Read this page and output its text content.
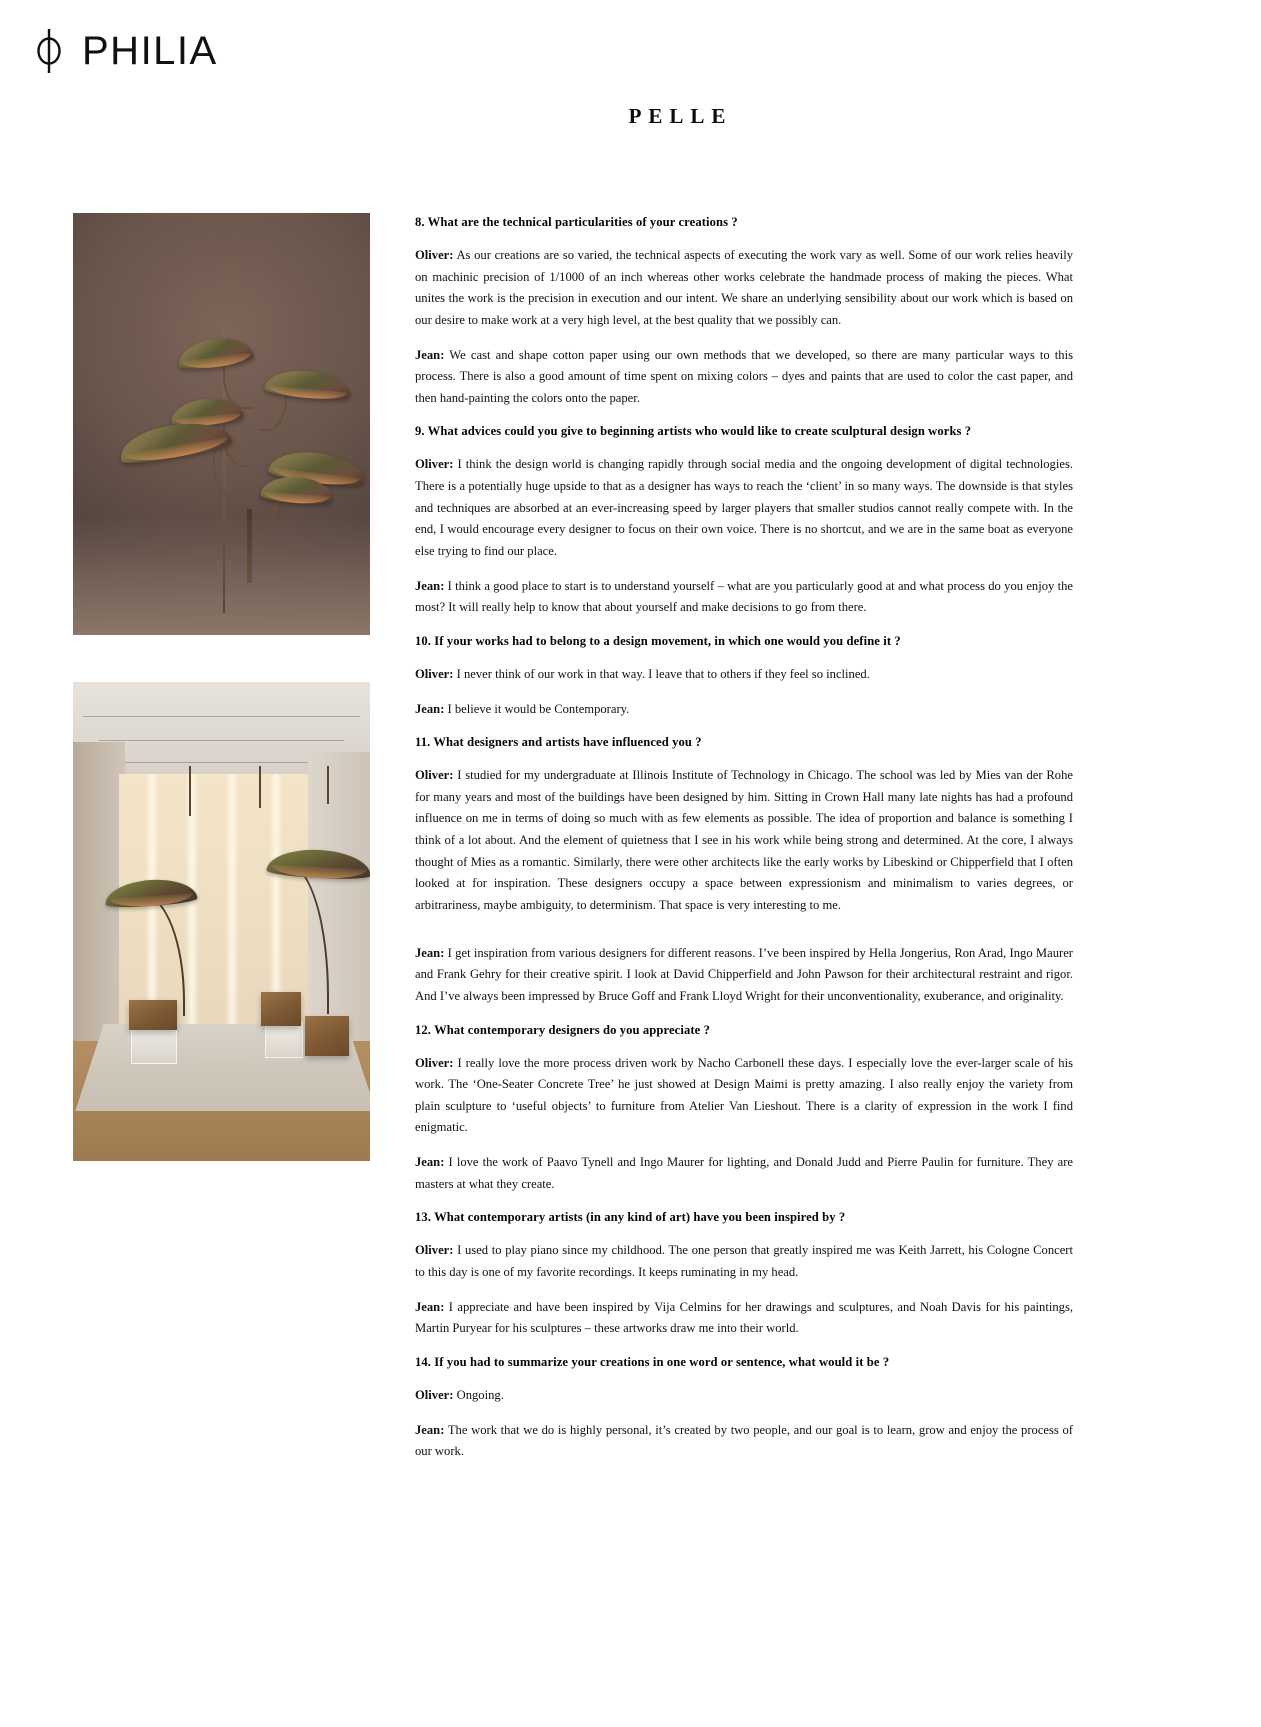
PHILIA
PELLE

8. What are the technical particularities of your creations ?

Oliver: As our creations are so varied, the technical aspects of executing the work vary as well. Some of our work relies heavily on machinic precision of 1/1000 of an inch whereas other works celebrate the handmade process of making the pieces. What unites the work is the precision in execution and our intent. We share an underlying sensibility about our work which is based on our desire to make work at a very high level, at the best quality that we possibly can.

Jean: We cast and shape cotton paper using our own methods that we developed, so there are many particular ways to this process. There is also a good amount of time spent on mixing colors – dyes and paints that are used to color the cast paper, and then hand-painting the colors onto the paper.

9. What advices could you give to beginning artists who would like to create sculptural design works ?

Oliver: I think the design world is changing rapidly through social media and the ongoing development of digital technologies. There is a potentially huge upside to that as a designer has ways to reach the ‘client’ in so many ways. The downside is that styles and techniques are absorbed at an ever-increasing speed by larger players that smaller studios cannot really compete with. In the end, I would encourage every designer to focus on their own voice. There is no shortcut, and we are in the same boat as everyone else trying to find our place.

Jean: I think a good place to start is to understand yourself – what are you particularly good at and what process do you enjoy the most? It will really help to know that about yourself and make decisions to go from there.

10. If your works had to belong to a design movement, in which one would you define it ?

Oliver: I never think of our work in that way. I leave that to others if they feel so inclined.

Jean: I believe it would be Contemporary.

11. What designers and artists have influenced you ?

Oliver: I studied for my undergraduate at Illinois Institute of Technology in Chicago. The school was led by Mies van der Rohe for many years and most of the buildings have been designed by him. Sitting in Crown Hall many late nights has had a profound influence on me in terms of doing so much with as few elements as possible. The idea of proportion and balance is something I think of a lot about. And the element of quietness that I see in his work while being strong and determined. At the core, I always thought of Mies as a romantic. Similarly, there were other architects like the early works by Libeskind or Chipperfield that I often looked at for inspiration. These designers occupy a space between expressionism and minimalism to varies degrees, or arbitrariness, maybe ambiguity, to determinism. That space is very interesting to me.

Jean: I get inspiration from various designers for different reasons. I’ve been inspired by Hella Jongerius, Ron Arad, Ingo Maurer and Frank Gehry for their creative spirit. I look at David Chipperfield and John Pawson for their architectural restraint and rigor. And I’ve always been impressed by Bruce Goff and Frank Lloyd Wright for their unconventionality, exuberance, and originality.

12. What contemporary designers do you appreciate ?

Oliver: I really love the more process driven work by Nacho Carbonell these days. I especially love the ever-larger scale of his work. The ‘One-Seater Concrete Tree’ he just showed at Design Maimi is pretty amazing. I also really enjoy the variety from plain sculpture to ‘useful objects’ to furniture from Atelier Van Lieshout. There is a clarity of expression in the work I find enigmatic.

Jean: I love the work of Paavo Tynell and Ingo Maurer for lighting, and Donald Judd and Pierre Paulin for furniture. They are masters at what they create.

13. What contemporary artists (in any kind of art) have you been inspired by ?

Oliver: I used to play piano since my childhood. The one person that greatly inspired me was Keith Jarrett, his Cologne Concert to this day is one of my favorite recordings. It keeps ruminating in my head.

Jean: I appreciate and have been inspired by Vija Celmins for her drawings and sculptures, and Noah Davis for his paintings, Martin Puryear for his sculptures – these artworks draw me into their world.

14. If you had to summarize your creations in one word or sentence, what would it be ?

Oliver: Ongoing.

Jean: The work that we do is highly personal, it’s created by two people, and our goal is to learn, grow and enjoy the process of our work.
